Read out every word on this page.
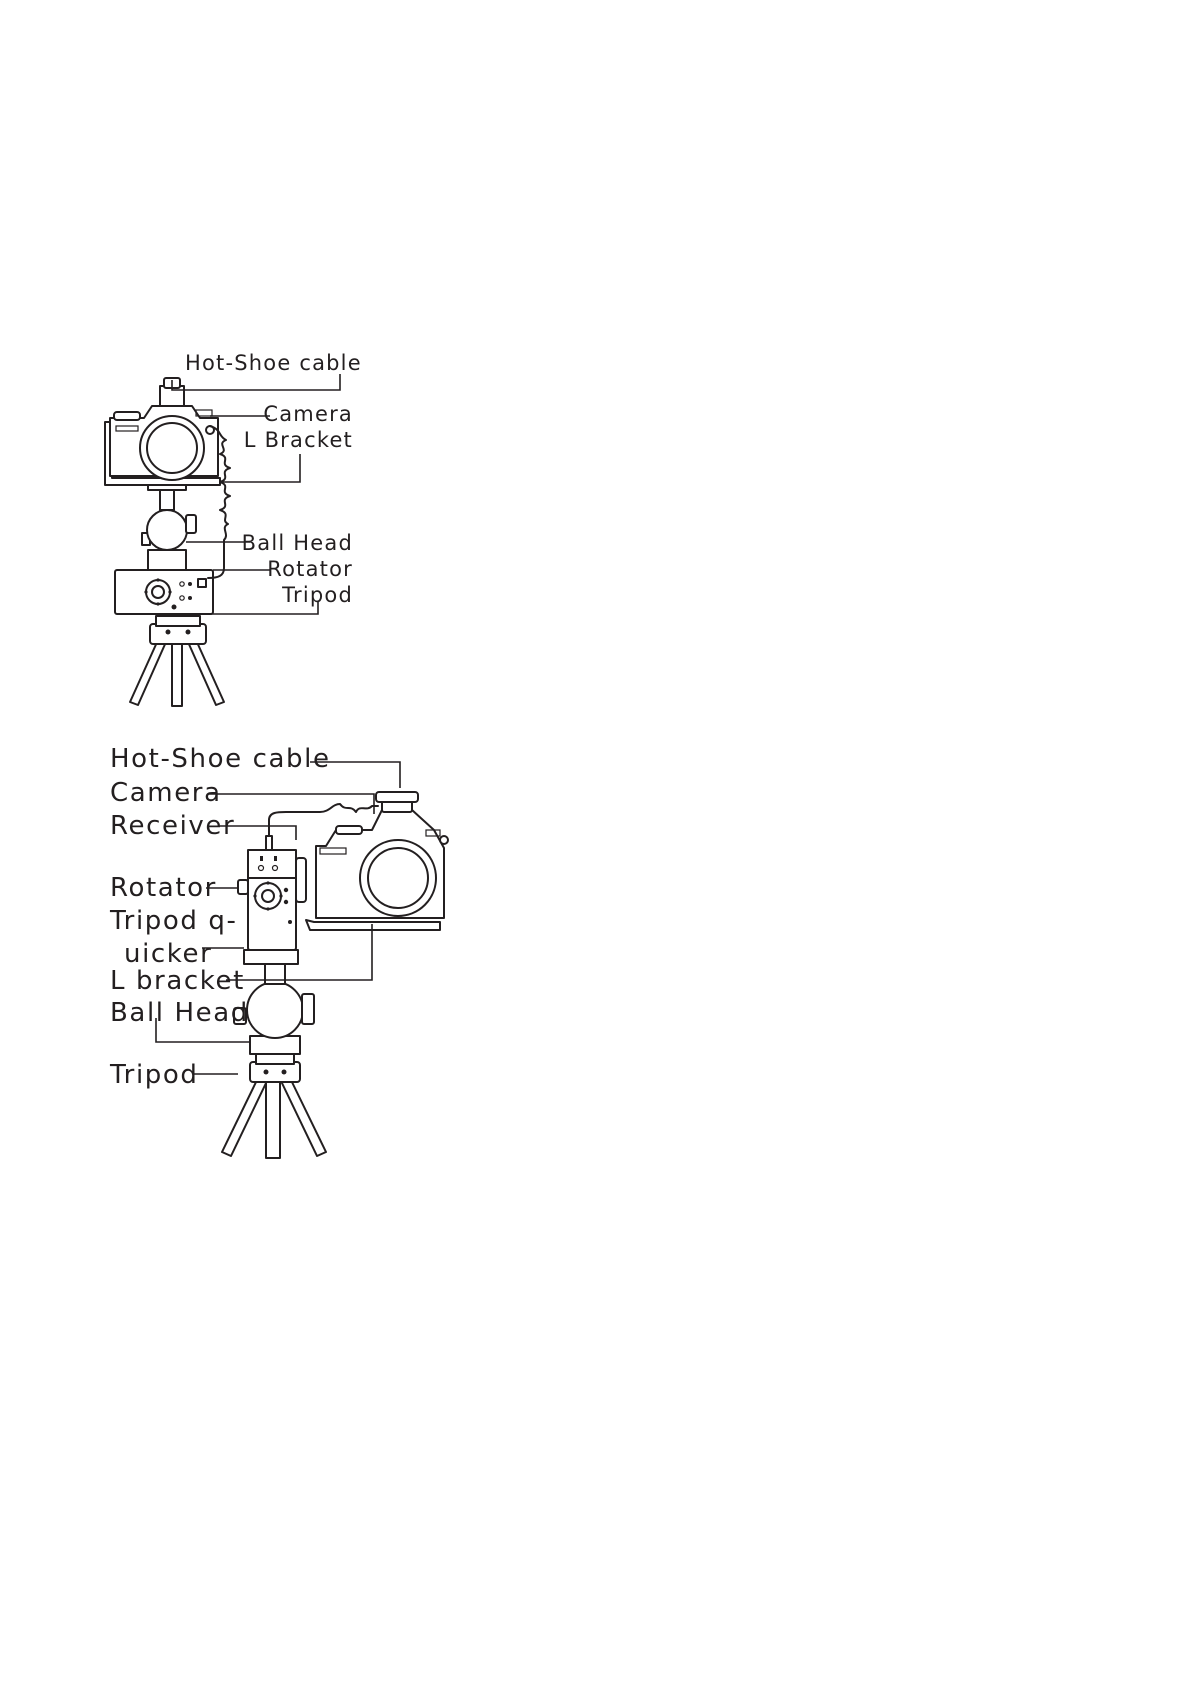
Hot-Shoe cable
Camera
L Bracket
Ball Head
Rotator
Tripod
Hot-Shoe cable
Camera
Receiver
Rotator
Tripod q-
uicker
L bracket
Ball Head
Tripod
